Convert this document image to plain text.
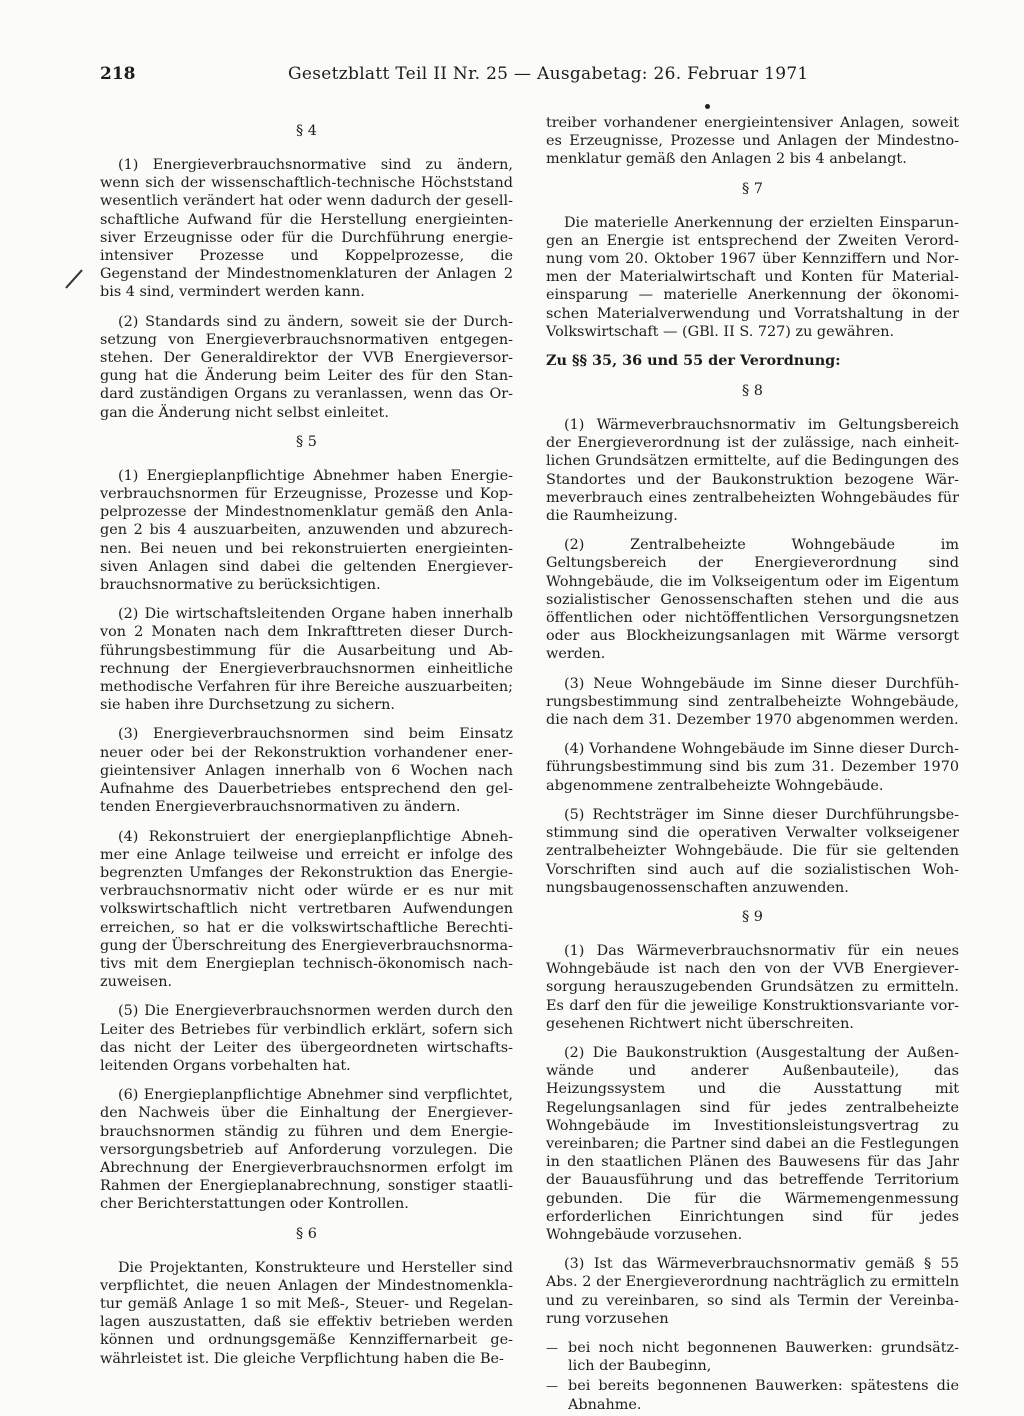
218	Gesetzblatt Teil II Nr. 25 — Ausgabetag: 26. Februar 1971
§ 4

(1) Energieverbrauchsnormative sind zu ändern, wenn sich der wissenschaftlich-technische Höchststand wesentlich verändert hat oder wenn dadurch der gesellschaftliche Aufwand für die Herstellung energieintensiver Erzeugnisse oder für die Durchführung energieintensiver Prozesse und Koppelprozesse, die Gegenstand der Mindestnomenklaturen der Anlagen 2 bis 4 sind, vermindert werden kann.

(2) Standards sind zu ändern, soweit sie der Durchsetzung von Energieverbrauchsnormativen entgegenstehen. Der Generaldirektor der VVB Energieversorgung hat die Änderung beim Leiter des für den Standard zuständigen Organs zu veranlassen, wenn das Organ die Änderung nicht selbst einleitet.

§ 5

(1) Energieplanpflichtige Abnehmer haben Energieverbrauchsnormen für Erzeugnisse, Prozesse und Koppelprozesse der Mindestnomenklatur gemäß den Anlagen 2 bis 4 auszuarbeiten, anzuwenden und abzurechnen. Bei neuen und bei rekonstruierten energieintensiven Anlagen sind dabei die geltenden Energieverbrauchsnormative zu berücksichtigen.

(2) Die wirtschaftsleitenden Organe haben innerhalb von 2 Monaten nach dem Inkrafttreten dieser Durchführungsbestimmung für die Ausarbeitung und Abrechnung der Energieverbrauchsnormen einheitliche methodische Verfahren für ihre Bereiche auszuarbeiten; sie haben ihre Durchsetzung zu sichern.

(3) Energieverbrauchsnormen sind beim Einsatz neuer oder bei der Rekonstruktion vorhandener energieintensiver Anlagen innerhalb von 6 Wochen nach Aufnahme des Dauerbetriebes entsprechend den geltenden Energieverbrauchsnormativen zu ändern.

(4) Rekonstruiert der energieplanpflichtige Abnehmer eine Anlage teilweise und erreicht er infolge des begrenzten Umfanges der Rekonstruktion das Energieverbrauchsnormativ nicht oder würde er es nur mit volkswirtschaftlich nicht vertretbaren Aufwendungen erreichen, so hat er die volkswirtschaftliche Berechtigung der Überschreitung des Energieverbrauchsnormativs mit dem Energieplan technisch-ökonomisch nachzuweisen.

(5) Die Energieverbrauchsnormen werden durch den Leiter des Betriebes für verbindlich erklärt, sofern sich das nicht der Leiter des übergeordneten wirtschaftsleitenden Organs vorbehalten hat.

(6) Energieplanpflichtige Abnehmer sind verpflichtet, den Nachweis über die Einhaltung der Energieverbrauchsnormen ständig zu führen und dem Energieversorgungsbetrieb auf Anforderung vorzulegen. Die Abrechnung der Energieverbrauchsnormen erfolgt im Rahmen der Energieplanabrechnung, sonstiger staatlicher Berichterstattungen oder Kontrollen.

§ 6

Die Projektanten, Konstrukteure und Hersteller sind verpflichtet, die neuen Anlagen der Mindestnomenklatur gemäß Anlage 1 so mit Meß-, Steuer- und Regelanlagen auszustatten, daß sie effektiv betrieben werden können und ordnungsgemäße Kennziffernarbeit gewährleistet ist. Die gleiche Verpflichtung haben die Be-

treiber vorhandener energieintensiver Anlagen, soweit es Erzeugnisse, Prozesse und Anlagen der Mindestnomenklatur gemäß den Anlagen 2 bis 4 anbelangt.

§ 7

Die materielle Anerkennung der erzielten Einsparungen an Energie ist entsprechend der Zweiten Verordnung vom 20. Oktober 1967 über Kennziffern und Normen der Materialwirtschaft und Konten für Materialeinsparung — materielle Anerkennung der ökonomischen Materialverwendung und Vorratshaltung in der Volkswirtschaft — (GBl. II S. 727) zu gewähren.

Zu §§ 35, 36 und 55 der Verordnung:
§ 8

(1) Wärmeverbrauchsnormativ im Geltungsbereich der Energieverordnung ist der zulässige, nach einheitlichen Grundsätzen ermittelte, auf die Bedingungen des Standortes und der Baukonstruktion bezogene Wärmeverbrauch eines zentralbeheizten Wohngebäudes für die Raumheizung.

(2) Zentralbeheizte Wohngebäude im Geltungsbereich der Energieverordnung sind Wohngebäude, die im Volkseigentum oder im Eigentum sozialistischer Genossenschaften stehen und die aus öffentlichen oder nichtöffentlichen Versorgungsnetzen oder aus Blockheizungsanlagen mit Wärme versorgt werden.

(3) Neue Wohngebäude im Sinne dieser Durchführungsbestimmung sind zentralbeheizte Wohngebäude, die nach dem 31. Dezember 1970 abgenommen werden.

(4) Vorhandene Wohngebäude im Sinne dieser Durchführungsbestimmung sind bis zum 31. Dezember 1970 abgenommene zentralbeheizte Wohngebäude.

(5) Rechtsträger im Sinne dieser Durchführungsbestimmung sind die operativen Verwalter volkseigener zentralbeheizter Wohngebäude. Die für sie geltenden Vorschriften sind auch auf die sozialistischen Wohnungsbaugenossenschaften anzuwenden.

§ 9

(1) Das Wärmeverbrauchsnormativ für ein neues Wohngebäude ist nach den von der VVB Energieversorgung herauszugebenden Grundsätzen zu ermitteln. Es darf den für die jeweilige Konstruktionsvariante vorgesehenen Richtwert nicht überschreiten.

(2) Die Baukonstruktion (Ausgestaltung der Außenwände und anderer Außenbauteile), das Heizungssystem und die Ausstattung mit Regelungsanlagen sind für jedes zentralbeheizte Wohngebäude im Investitionsleistungsvertrag zu vereinbaren; die Partner sind dabei an die Festlegungen in den staatlichen Plänen des Bauwesens für das Jahr der Bauausführung und das betreffende Territorium gebunden. Die für die Wärmemengenmessung erforderlichen Einrichtungen sind für jedes Wohngebäude vorzusehen.

(3) Ist das Wärmeverbrauchsnormativ gemäß § 55 Abs. 2 der Energieverordnung nachträglich zu ermitteln und zu vereinbaren, so sind als Termin der Vereinbarung vorzusehen

— bei noch nicht begonnenen Bauwerken: grundsätzlich der Baubeginn,
— bei bereits begonnenen Bauwerken: spätestens die Abnahme.
